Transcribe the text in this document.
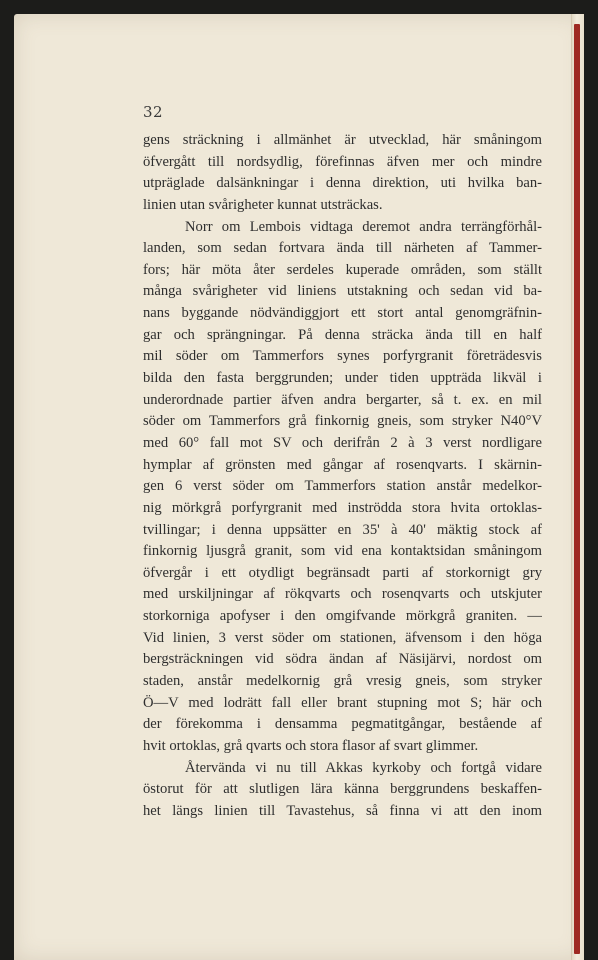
32
gens sträckning i allmänhet är utvecklad, här småningom
öfvergått till nordsydlig, förefinnas äfven mer och mindre
utpräglade dalsänkningar i denna direktion, uti hvilka ban-
linien utan svårigheter kunnat utsträckas.
Norr om Lembois vidtaga deremot andra terrängförhål-
landen, som sedan fortvara ända till närheten af Tammer-
fors; här möta åter serdeles kuperade områden, som ställt
många svårigheter vid liniens utstakning och sedan vid ba-
nans byggande nödvändiggjort ett stort antal genomgräfnin-
gar och sprängningar. På denna sträcka ända till en half
mil söder om Tammerfors synes porfyrgranit företrädesvis
bilda den fasta berggrunden; under tiden uppträda likväl i
underordnade partier äfven andra bergarter, så t. ex. en mil
söder om Tammerfors grå finkornig gneis, som stryker N40°V
med 60° fall mot SV och derifrån 2 à 3 verst nordligare
hymplar af grönsten med gångar af rosenqvarts. I skärnin-
gen 6 verst söder om Tammerfors station anstår medelkor-
nig mörkgrå porfyrgranit med inströdda stora hvita ortoklas-
tvillingar; i denna uppsätter en 35' à 40' mäktig stock af
finkornig ljusgrå granit, som vid ena kontaktsidan småningom
öfvergår i ett otydligt begränsadt parti af storkornigt gry
med urskiljningar af rökqvarts och rosenqvarts och utskjuter
storkorniga apofyser i den omgifvande mörkgrå graniten. —
Vid linien, 3 verst söder om stationen, äfvensom i den höga
bergsträckningen vid södra ändan af Näsijärvi, nordost om
staden, anstår medelkornig grå vresig gneis, som stryker
Ö—V med lodrätt fall eller brant stupning mot S; här och
der förekomma i densamma pegmatitgångar, bestående af
hvit ortoklas, grå qvarts och stora flasor af svart glimmer.
Återvända vi nu till Akkas kyrkoby och fortgå vidare
östorut för att slutligen lära känna berggrundens beskaffen-
het längs linien till Tavastehus, så finna vi att den inom
